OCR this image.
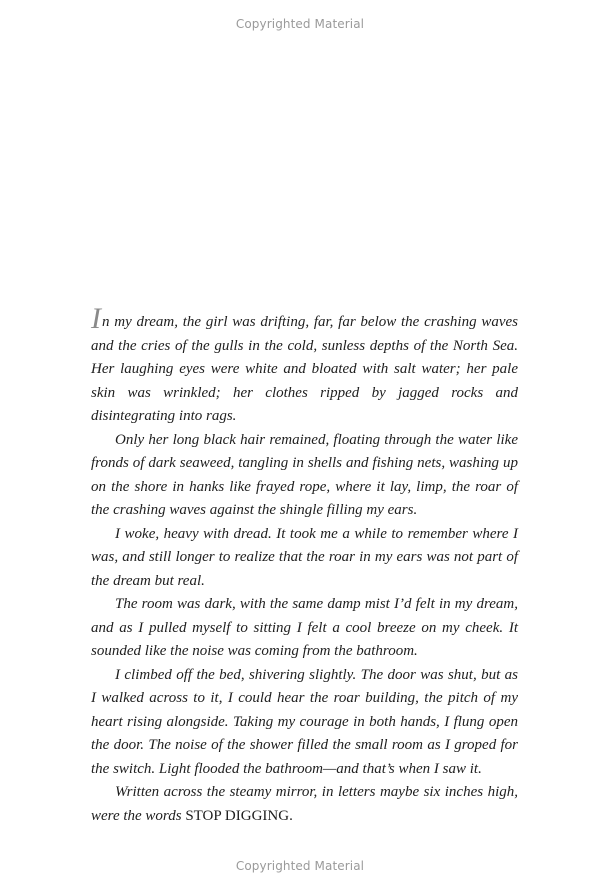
Copyrighted Material

In my dream, the girl was drifting, far, far below the crashing waves and the cries of the gulls in the cold, sunless depths of the North Sea. Her laughing eyes were white and bloated with salt water; her pale skin was wrinkled; her clothes ripped by jagged rocks and disintegrating into rags.

Only her long black hair remained, floating through the water like fronds of dark seaweed, tangling in shells and fishing nets, washing up on the shore in hanks like frayed rope, where it lay, limp, the roar of the crashing waves against the shingle filling my ears.

I woke, heavy with dread. It took me a while to remember where I was, and still longer to realize that the roar in my ears was not part of the dream but real.

The room was dark, with the same damp mist I’d felt in my dream, and as I pulled myself to sitting I felt a cool breeze on my cheek. It sounded like the noise was coming from the bathroom.

I climbed off the bed, shivering slightly. The door was shut, but as I walked across to it, I could hear the roar building, the pitch of my heart rising alongside. Taking my courage in both hands, I flung open the door. The noise of the shower filled the small room as I groped for the switch. Light flooded the bathroom—and that’s when I saw it.

Written across the steamy mirror, in letters maybe six inches high, were the words STOP DIGGING.

Copyrighted Material
